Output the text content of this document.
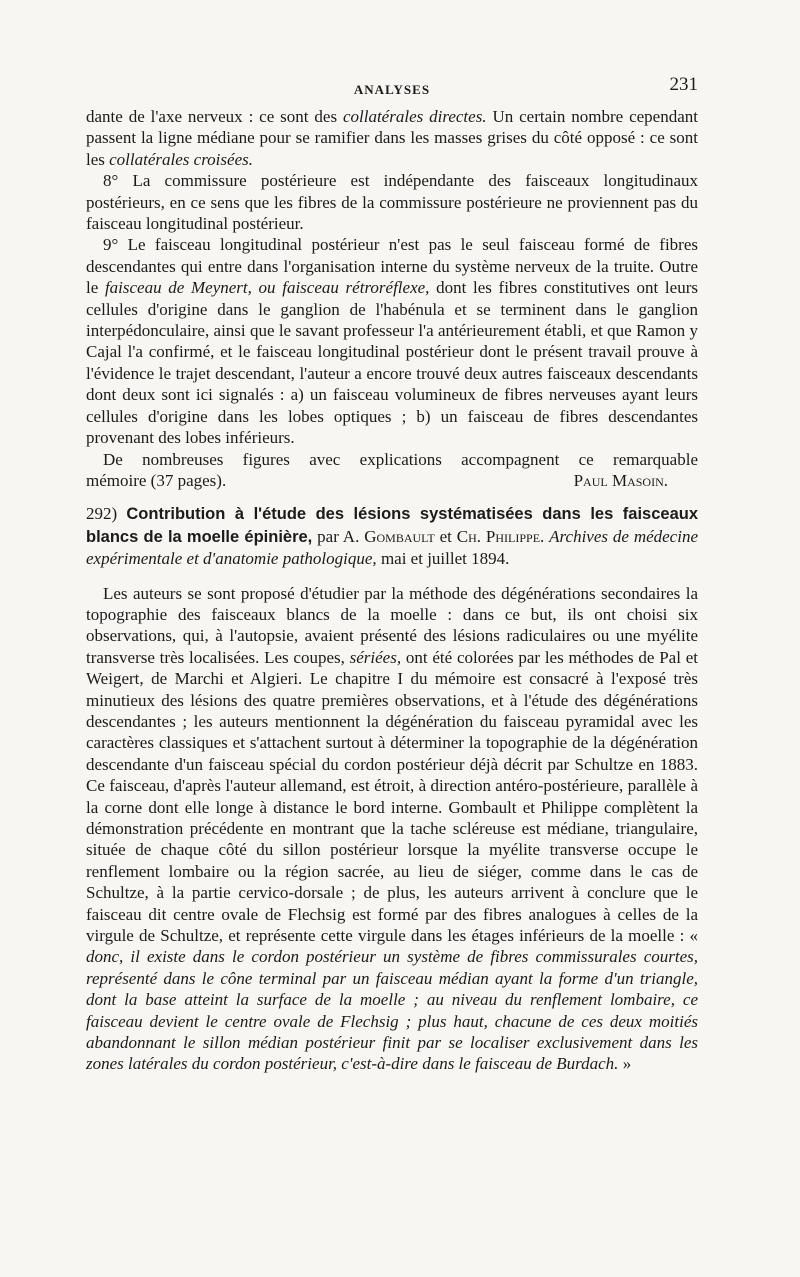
ANALYSES	231

dante de l'axe nerveux : ce sont des collatérales directes. Un certain nombre cependant passent la ligne médiane pour se ramifier dans les masses grises du côté opposé : ce sont les collatérales croisées.

8° La commissure postérieure est indépendante des faisceaux longitudinaux postérieurs, en ce sens que les fibres de la commissure postérieure ne proviennent pas du faisceau longitudinal postérieur.

9° Le faisceau longitudinal postérieur n'est pas le seul faisceau formé de fibres descendantes qui entre dans l'organisation interne du système nerveux de la truite. Outre le faisceau de Meynert, ou faisceau rétroréflexe, dont les fibres constitutives ont leurs cellules d'origine dans le ganglion de l'habénula et se terminent dans le ganglion interpédonculaire, ainsi que le savant professeur l'a antérieurement établi, et que Ramon y Cajal l'a confirmé, et le faisceau longitudinal postérieur dont le présent travail prouve à l'évidence le trajet descendant, l'auteur a encore trouvé deux autres faisceaux descendants dont deux sont ici signalés : a) un faisceau volumineux de fibres nerveuses ayant leurs cellules d'origine dans les lobes optiques ; b) un faisceau de fibres descendantes provenant des lobes inférieurs.

De nombreuses figures avec explications accompagnent ce remarquable

mémoire (37 pages).	Paul Masoin.

292) Contribution à l'étude des lésions systématisées dans les faisceaux blancs de la moelle épinière, par A. Gombault et Ch. Philippe. Archives de médecine expérimentale et d'anatomie pathologique, mai et juillet 1894.

Les auteurs se sont proposé d'étudier par la méthode des dégénérations secondaires la topographie des faisceaux blancs de la moelle : dans ce but, ils ont choisi six observations, qui, à l'autopsie, avaient présenté des lésions radiculaires ou une myélite transverse très localisées. Les coupes, sériées, ont été colorées par les méthodes de Pal et Weigert, de Marchi et Algieri. Le chapitre I du mémoire est consacré à l'exposé très minutieux des lésions des quatre premières observations, et à l'étude des dégénérations descendantes ; les auteurs mentionnent la dégénération du faisceau pyramidal avec les caractères classiques et s'attachent surtout à déterminer la topographie de la dégénération descendante d'un faisceau spécial du cordon postérieur déjà décrit par Schultze en 1883. Ce faisceau, d'après l'auteur allemand, est étroit, à direction antéro-postérieure, parallèle à la corne dont elle longe à distance le bord interne. Gombault et Philippe complètent la démonstration précédente en montrant que la tache scléreuse est médiane, triangulaire, située de chaque côté du sillon postérieur lorsque la myélite transverse occupe le renflement lombaire ou la région sacrée, au lieu de siéger, comme dans le cas de Schultze, à la partie cervico-dorsale ; de plus, les auteurs arrivent à conclure que le faisceau dit centre ovale de Flechsig est formé par des fibres analogues à celles de la virgule de Schultze, et représente cette virgule dans les étages inférieurs de la moelle : « donc, il existe dans le cordon postérieur un système de fibres commissurales courtes, représenté dans le cône terminal par un faisceau médian ayant la forme d'un triangle, dont la base atteint la surface de la moelle ; au niveau du renflement lombaire, ce faisceau devient le centre ovale de Flechsig ; plus haut, chacune de ces deux moitiés abandonnant le sillon médian postérieur finit par se localiser exclusivement dans les zones latérales du cordon postérieur, c'est-à-dire dans le faisceau de Burdach. »
